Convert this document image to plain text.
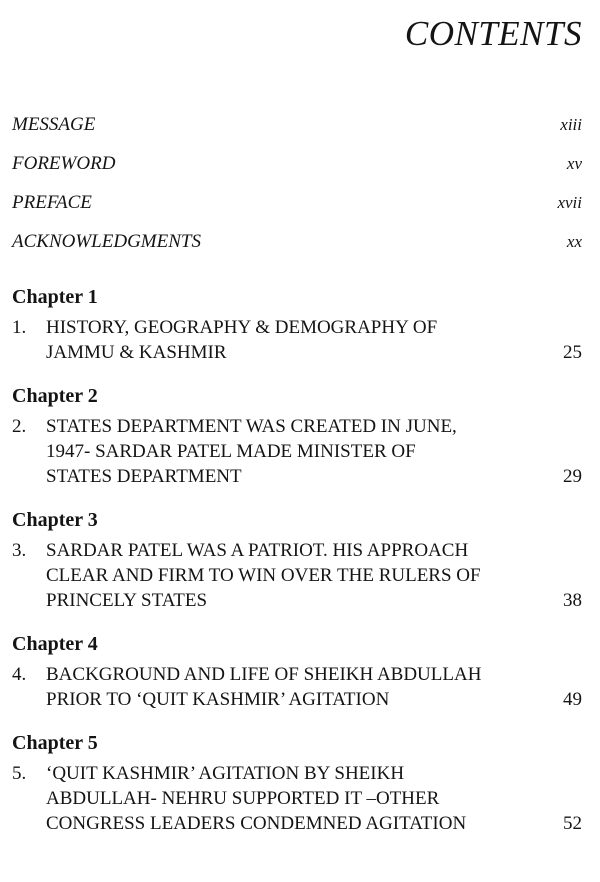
CONTENTS
MESSAGE	xiii
FOREWORD	xv
PREFACE	xvii
ACKNOWLEDGMENTS	xx
Chapter 1
1.	HISTORY, GEOGRAPHY & DEMOGRAPHY OF
JAMMU & KASHMIR	25
Chapter 2
2.	STATES DEPARTMENT WAS CREATED IN JUNE,
1947- SARDAR PATEL MADE MINISTER OF
STATES DEPARTMENT	29
Chapter 3
3.	SARDAR PATEL WAS A PATRIOT. HIS APPROACH
CLEAR AND FIRM TO WIN OVER THE RULERS OF
PRINCELY STATES	38
Chapter 4
4.	BACKGROUND AND LIFE OF SHEIKH ABDULLAH
PRIOR TO ‘QUIT KASHMIR’ AGITATION	49
Chapter 5
5.	‘QUIT KASHMIR’ AGITATION BY SHEIKH
ABDULLAH- NEHRU SUPPORTED IT –OTHER
CONGRESS LEADERS CONDEMNED AGITATION	52
